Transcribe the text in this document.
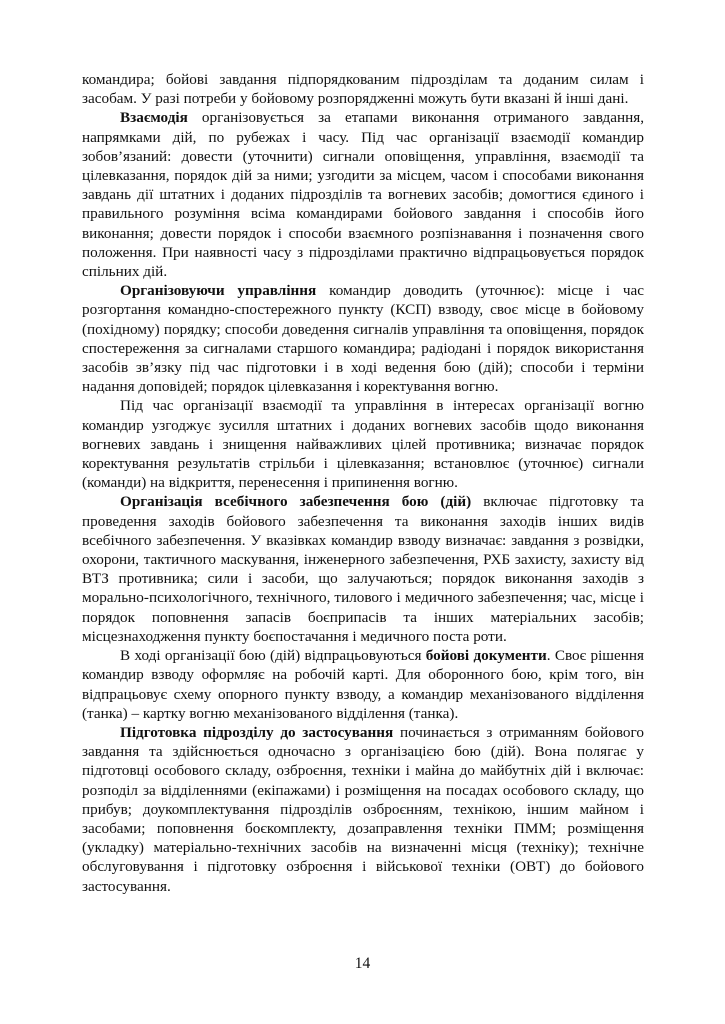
командира; бойові завдання підпорядкованим підрозділам та доданим силам і засобам. У разі потреби у бойовому розпорядженні можуть бути вказані й інші дані.

Взаємодія організовується за етапами виконання отриманого завдання, напрямками дій, по рубежах і часу. Під час організації взаємодії командир зобов’язаний: довести (уточнити) сигнали оповіщення, управління, взаємодії та цілевказання, порядок дій за ними; узгодити за місцем, часом і способами виконання завдань дії штатних і доданих підрозділів та вогневих засобів; домогтися єдиного і правильного розуміння всіма командирами бойового завдання і способів його виконання; довести порядок і способи взаємного розпізнавання і позначення свого положення. При наявності часу з підрозділами практично відпрацьовується порядок спільних дій.

Організовуючи управління командир доводить (уточнює): місце і час розгортання командно-спостережного пункту (КСП) взводу, своє місце в бойовому (похідному) порядку; способи доведення сигналів управління та оповіщення, порядок спостереження за сигналами старшого командира; радіодані і порядок використання засобів зв’язку під час підготовки і в ході ведення бою (дій); способи і терміни надання доповідей; порядок цілевказання і коректування вогню.

Під час організації взаємодії та управління в інтересах організації вогню командир узгоджує зусилля штатних і доданих вогневих засобів щодо виконання вогневих завдань і знищення найважливих цілей противника; визначає порядок коректування результатів стрільби і цілевказання; встановлює (уточнює) сигнали (команди) на відкриття, перенесення і припинення вогню.

Організація всебічного забезпечення бою (дій) включає підготовку та проведення заходів бойового забезпечення та виконання заходів інших видів всебічного забезпечення. У вказівках командир взводу визначає: завдання з розвідки, охорони, тактичного маскування, інженерного забезпечення, РХБ захисту, захисту від ВТЗ противника; сили і засоби, що залучаються; порядок виконання заходів з морально-психологічного, технічного, тилового і медичного забезпечення; час, місце і порядок поповнення запасів боєприпасів та інших матеріальних засобів; місцезнаходження пункту боєпостачання і медичного поста роти.

В ході організації бою (дій) відпрацьовуються бойові документи. Своє рішення командир взводу оформляє на робочій карті. Для оборонного бою, крім того, він відпрацьовує схему опорного пункту взводу, а командир механізованого відділення (танка) – картку вогню механізованого відділення (танка).

Підготовка підрозділу до застосування починається з отриманням бойового завдання та здійснюється одночасно з організацією бою (дій). Вона полягає у підготовці особового складу, озброєння, техніки і майна до майбутніх дій і включає: розподіл за відділеннями (екіпажами) і розміщення на посадах особового складу, що прибув; доукомплектування підрозділів озброєнням, технікою, іншим майном і засобами; поповнення боєкомплекту, дозаправлення техніки ПММ; розміщення (укладку) матеріально-технічних засобів на визначенні місця (техніку); технічне обслуговування і підготовку озброєння і військової техніки (ОВТ) до бойового застосування.

14
